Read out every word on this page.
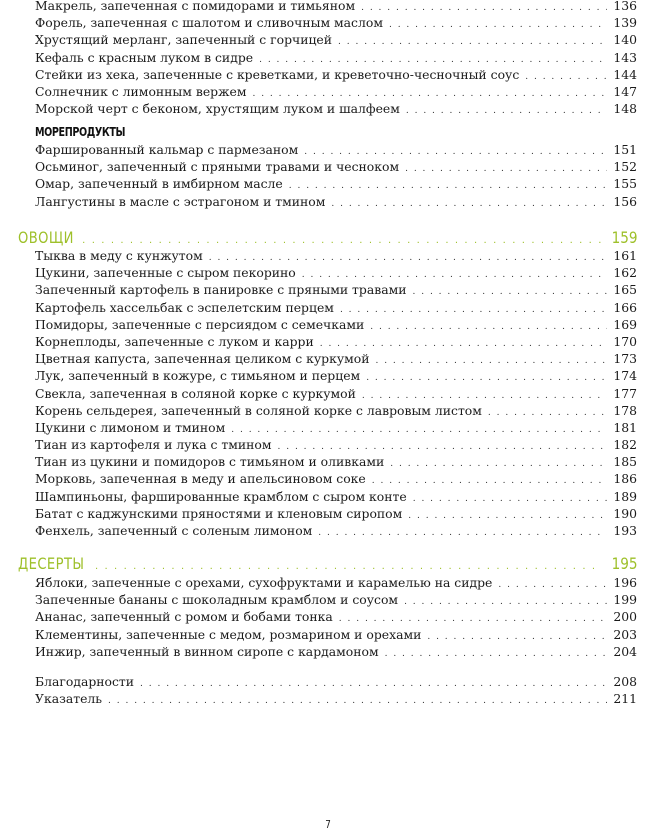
Макрель, запеченная с помидорами и тимьяном . . .	136
Форель, запеченная с шалотом и сливочным маслом . . .	139
Хрустящий мерланг, запеченный с горчицей . . .	140
Кефаль с красным луком в сидре . . .	143
Стейки из хека, запеченные с креветками, и креветочно-чесночный соус . . .	144
Солнечник с лимонным вержем . . .	147
Морской черт с беконом, хрустящим луком и шалфеем . . .	148
МОРЕПРОДУКТЫ
Фаршированный кальмар с пармезаном . . .	151
Осьминог, запеченный с пряными травами и чесноком . . .	152
Омар, запеченный в имбирном масле . . .	155
Лангустины в масле с эстрагоном и тмином . . .	156
ОВОЩИ . . .	159
Тыква в меду с кунжутом . . .	161
Цукини, запеченные с сыром пекорино . . .	162
Запеченный картофель в панировке с пряными травами . . .	165
Картофель хассельбак с эспелетским перцем . . .	166
Помидоры, запеченные с персиядом с семечками . . .	169
Корнеплоды, запеченные с луком и карри . . .	170
Цветная капуста, запеченная целиком с куркумой . . .	173
Лук, запеченный в кожуре, с тимьяном и перцем . . .	174
Свекла, запеченная в соляной корке с куркумой . . .	177
Корень сельдерея, запеченный в соляной корке с лавровым листом . . .	178
Цукини с лимоном и тмином . . .	181
Тиан из картофеля и лука с тмином . . .	182
Тиан из цукини и помидоров с тимьяном и оливками . . .	185
Морковь, запеченная в меду и апельсиновом соке . . .	186
Шампиньоны, фаршированные крамблом с сыром конте . . .	189
Батат с каджунскими пряностями и кленовым сиропом . . .	190
Фенхель, запеченный с соленым лимоном . . .	193
ДЕСЕРТЫ . . .	195
Яблоки, запеченные с орехами, сухофруктами и карамелью на сидре . . .	196
Запеченные бананы с шоколадным крамблом и соусом . . .	199
Ананас, запеченный с ромом и бобами тонка . . .	200
Клементины, запеченные с медом, розмарином и орехами . . .	203
Инжир, запеченный в винном сиропе с кардамоном . . .	204
Благодарности . . .	208
Указатель . . .	211
7
